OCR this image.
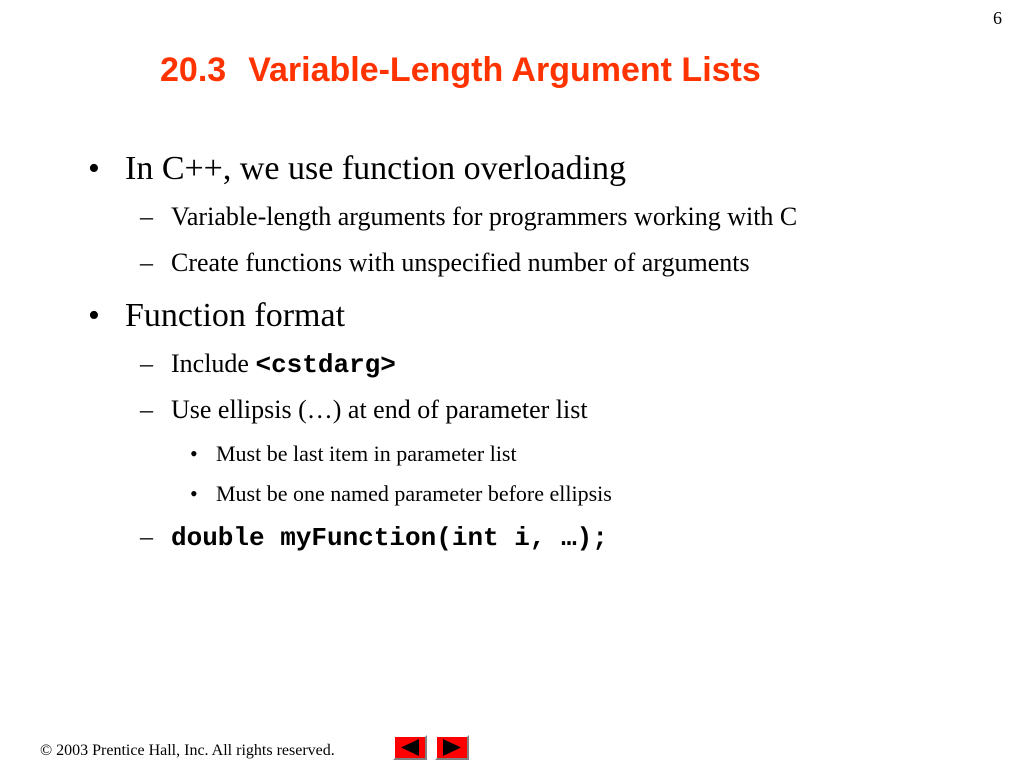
6
20.3 Variable-Length Argument Lists
• In C++, we use function overloading
– Variable-length arguments for programmers working with C
– Create functions with unspecified number of arguments
• Function format
– Include <cstdarg>
– Use ellipsis (…) at end of parameter list
• Must be last item in parameter list
• Must be one named parameter before ellipsis
– double myFunction(int i, …);
© 2003 Prentice Hall, Inc. All rights reserved.
